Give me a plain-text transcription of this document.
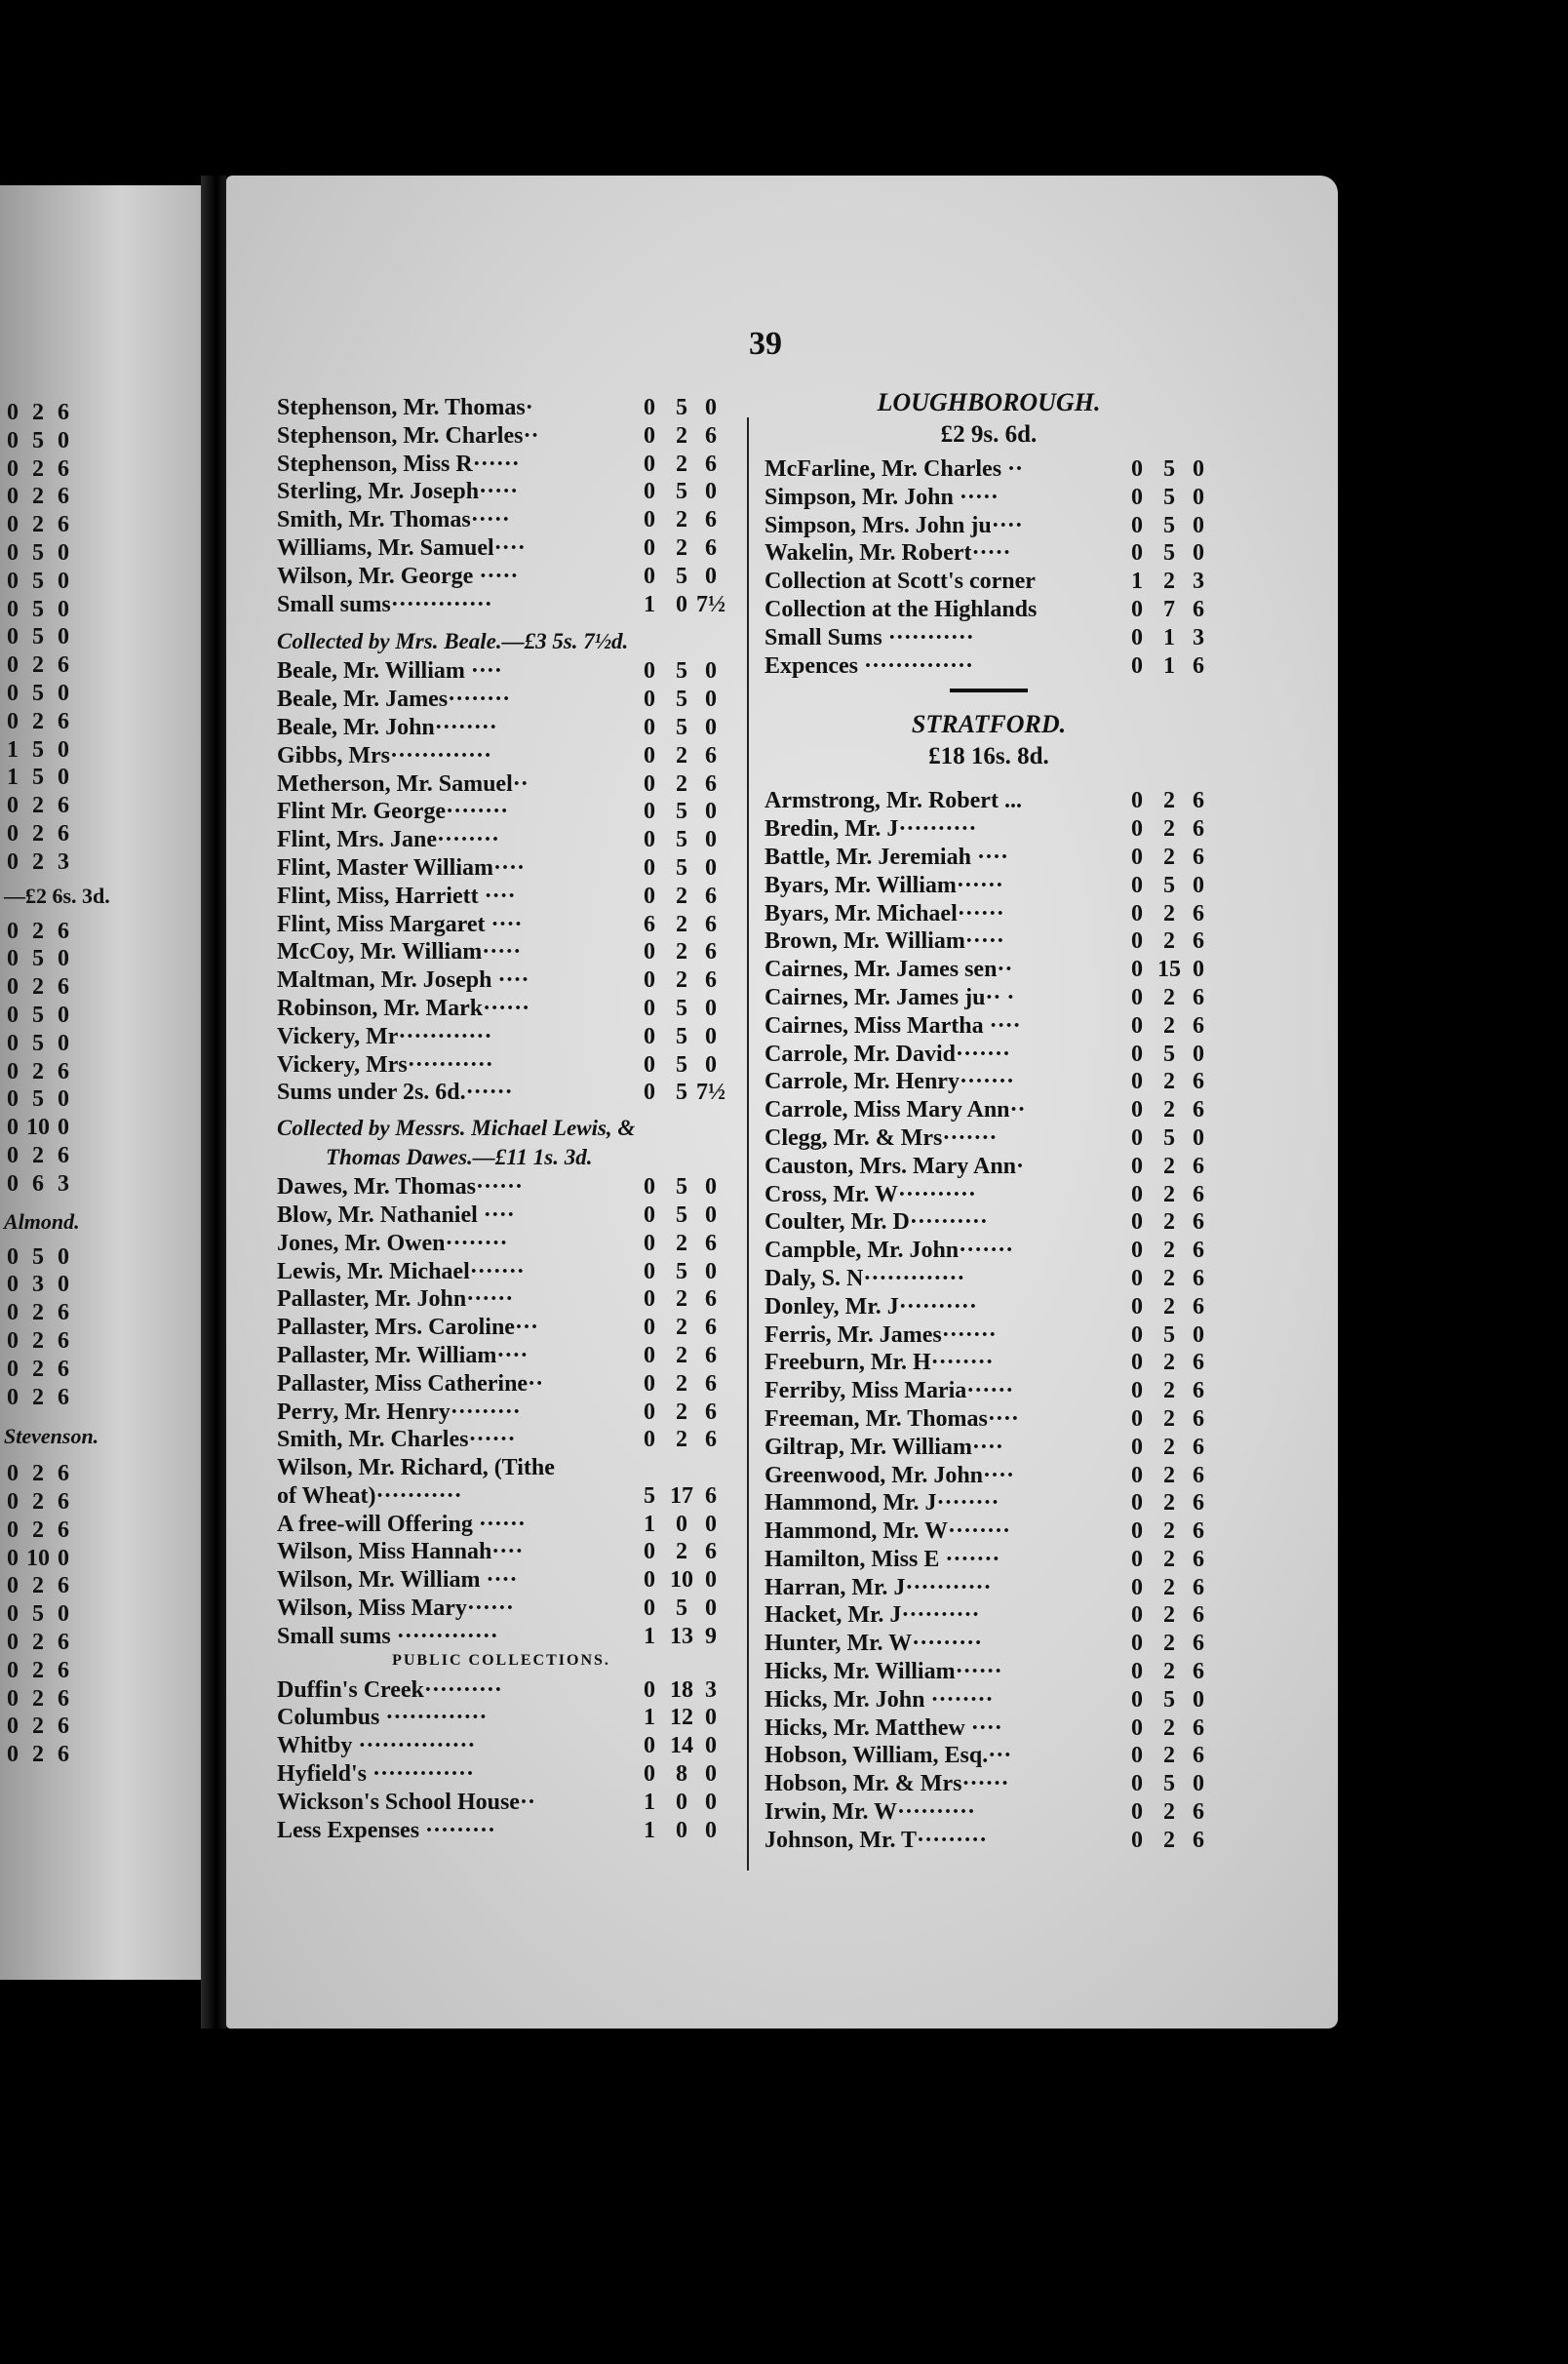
0 2 6
0 5 0
0 2 6
0 2 6
0 2 6
0 5 0
0 5 0
0 5 0
0 5 0
0 2 6
0 5 0
0 2 6
1 5 0
1 5 0
0 2 6
0 2 6
0 2 3
—£2 6s. 3d.
0 2 6
0 5 0
0 2 6
0 5 0
0 5 0
0 2 6
0 5 0
0 10 0
0 2 6
0 6 3
Almond.
0 5 0
0 3 0
0 2 6
0 2 6
0 2 6
0 2 6
Stevenson.
0 2 6
0 2 6
0 2 6
0 10 0
0 2 6
0 5 0
0 2 6
0 2 6
0 2 6
0 2 6
0 2 6
39
Stephenson, Mr. Thomas·	0 5 0
Stephenson, Mr. Charles··	0 2 6
Stephenson, Miss R······	0 2 6
Sterling, Mr. Joseph·····	0 5 0
Smith, Mr. Thomas·····	0 2 6
Williams, Mr. Samuel····	0 2 6
Wilson, Mr. George ·····	0 5 0
Small sums·············	1 0 7½
Collected by Mrs. Beale.—£3 5s. 7½d.
Beale, Mr. William ····	0 5 0
Beale, Mr. James········	0 5 0
Beale, Mr. John········	0 5 0
Gibbs, Mrs·············	0 2 6
Metherson, Mr. Samuel··	0 2 6
Flint Mr. George········	0 5 0
Flint, Mrs. Jane········	0 5 0
Flint, Master William····	0 5 0
Flint, Miss, Harriett ····	0 2 6
Flint, Miss Margaret ····	6 2 6
McCoy, Mr. William·····	0 2 6
Maltman, Mr. Joseph ····	0 2 6
Robinson, Mr. Mark······	0 5 0
Vickery, Mr············	0 5 0
Vickery, Mrs···········	0 5 0
Sums under 2s. 6d.······	0 5 7½
Collected by Messrs. Michael Lewis, &
Thomas Dawes.—£11 1s. 3d.
Dawes, Mr. Thomas······	0 5 0
Blow, Mr. Nathaniel ····	0 5 0
Jones, Mr. Owen········	0 2 6
Lewis, Mr. Michael·······	0 5 0
Pallaster, Mr. John······	0 2 6
Pallaster, Mrs. Caroline···	0 2 6
Pallaster, Mr. William····	0 2 6
Pallaster, Miss Catherine··	0 2 6
Perry, Mr. Henry·········	0 2 6
Smith, Mr. Charles······	0 2 6
Wilson, Mr. Richard, (Tithe
of Wheat)···········	5 17 6
A free-will Offering ······	1 0 0
Wilson, Miss Hannah····	0 2 6
Wilson, Mr. William ····	0 10 0
Wilson, Miss Mary······	0 5 0
Small sums ·············	1 13 9
PUBLIC COLLECTIONS.
Duffin's Creek··········	0 18 3
Columbus ·············	1 12 0
Whitby ···············	0 14 0
Hyfield's ·············	0 8 0
Wickson's School House··	1 0 0
Less Expenses ·········	1 0 0
LOUGHBOROUGH.
£2 9s. 6d.
McFarline, Mr. Charles ··	0 5 0
Simpson, Mr. John ·····	0 5 0
Simpson, Mrs. John ju····	0 5 0
Wakelin, Mr. Robert·····	0 5 0
Collection at Scott's corner	1 2 3
Collection at the Highlands	0 7 6
Small Sums ···········	0 1 3
Expences ··············	0 1 6
STRATFORD.
£18 16s. 8d.
Armstrong, Mr. Robert ...	0 2 6
Bredin, Mr. J··········	0 2 6
Battle, Mr. Jeremiah ····	0 2 6
Byars, Mr. William······	0 5 0
Byars, Mr. Michael······	0 2 6
Brown, Mr. William·····	0 2 6
Cairnes, Mr. James sen··	0 15 0
Cairnes, Mr. James ju·· ·	0 2 6
Cairnes, Miss Martha ····	0 2 6
Carrole, Mr. David·······	0 5 0
Carrole, Mr. Henry·······	0 2 6
Carrole, Miss Mary Ann··	0 2 6
Clegg, Mr. & Mrs·······	0 5 0
Causton, Mrs. Mary Ann·	0 2 6
Cross, Mr. W··········	0 2 6
Coulter, Mr. D··········	0 2 6
Campble, Mr. John·······	0 2 6
Daly, S. N·············	0 2 6
Donley, Mr. J··········	0 2 6
Ferris, Mr. James·······	0 5 0
Freeburn, Mr. H········	0 2 6
Ferriby, Miss Maria······	0 2 6
Freeman, Mr. Thomas····	0 2 6
Giltrap, Mr. William····	0 2 6
Greenwood, Mr. John····	0 2 6
Hammond, Mr. J········	0 2 6
Hammond, Mr. W········	0 2 6
Hamilton, Miss E ·······	0 2 6
Harran, Mr. J···········	0 2 6
Hacket, Mr. J··········	0 2 6
Hunter, Mr. W·········	0 2 6
Hicks, Mr. William······	0 2 6
Hicks, Mr. John ········	0 5 0
Hicks, Mr. Matthew ····	0 2 6
Hobson, William, Esq.···	0 2 6
Hobson, Mr. & Mrs······	0 5 0
Irwin, Mr. W··········	0 2 6
Johnson, Mr. T·········	0 2 6
